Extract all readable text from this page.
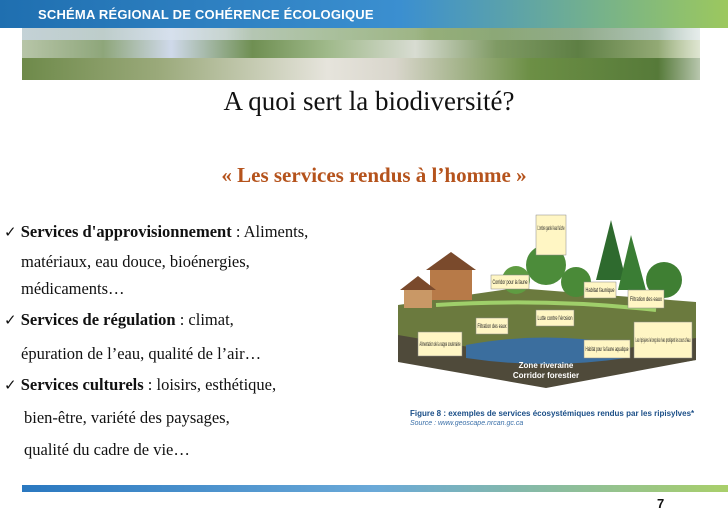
SCHÉMA RÉGIONAL DE COHÉRENCE ÉCOLOGIQUE
A quoi sert la biodiversité?
« Les services rendus à l’homme »
✓ Services d'approvisionnement : Aliments,
matériaux, eau douce, bioénergies,
médicaments…
✓ Services de régulation : climat,
épuration de l’eau, qualité de l’air…
✓ Services culturels : loisirs, esthétique,
bien-être, variété des paysages,
qualité du cadre de vie…
L'ombre garde l'eau fraîche
Corridor pour la faune
Habitat faunique
Filtration des eaux
Filtration des eaux
Lutte contre l'érosion
Alimentation de la nappe souterraine
Habitat pour la faune aquatique
Les ripisylves le long des rives protègent les cours d'eau
Zone riveraine
Corridor forestier
Figure 8 : exemples de services écosystémiques rendus par les ripisylves*
Source : www.geoscape.nrcan.gc.ca
7
